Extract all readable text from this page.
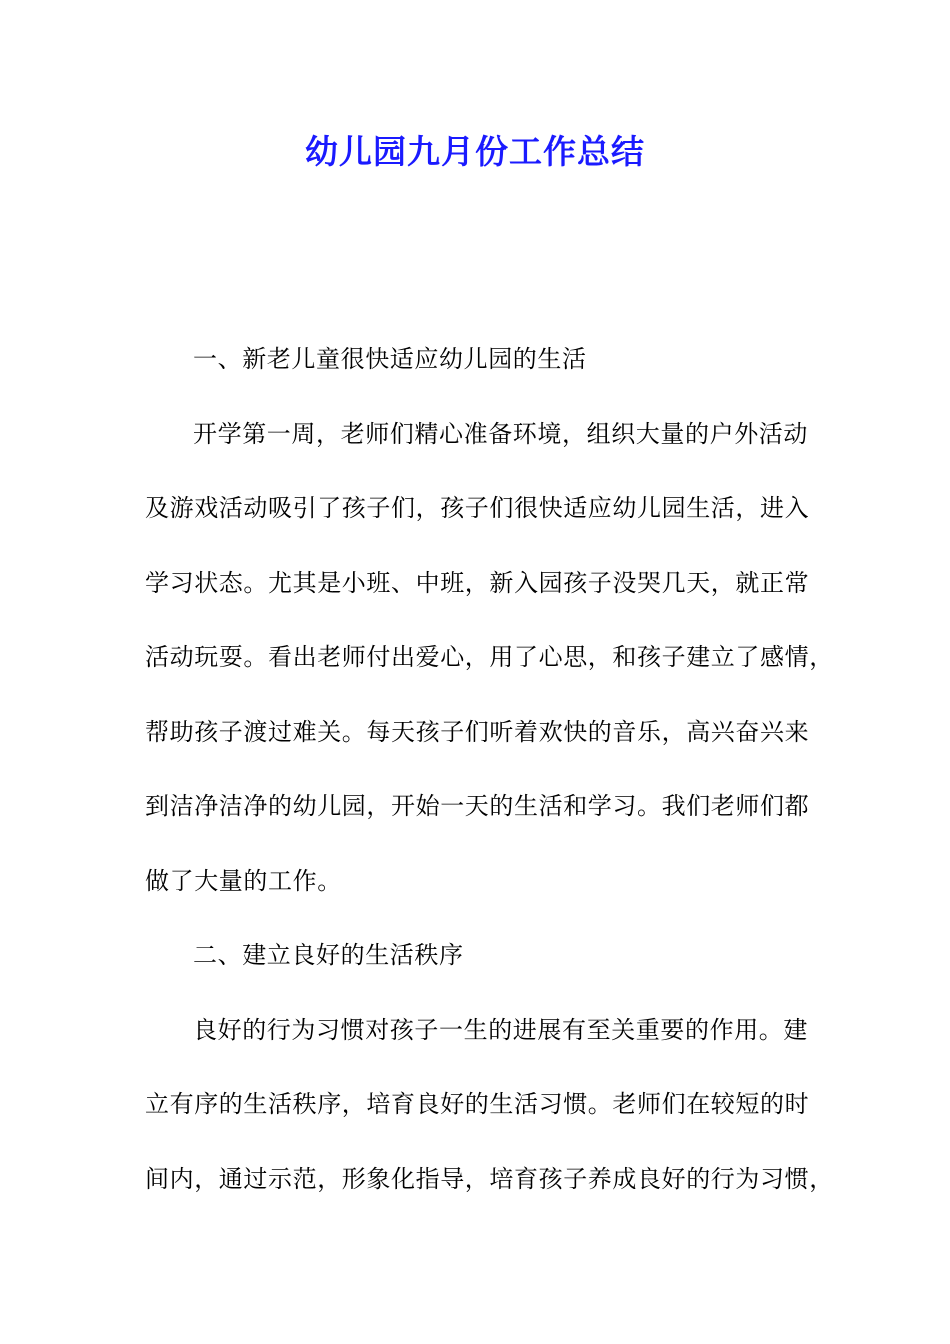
幼儿园九月份工作总结
一、新老儿童很快适应幼儿园的生活
开学第一周，老师们精心准备环境，组织大量的户外活动
及游戏活动吸引了孩子们，孩子们很快适应幼儿园生活，进入
学习状态。尤其是小班、中班，新入园孩子没哭几天，就正常
活动玩耍。看出老师付出爱心，用了心思，和孩子建立了感情，
帮助孩子渡过难关。每天孩子们听着欢快的音乐，高兴奋兴来
到洁净洁净的幼儿园，开始一天的生活和学习。我们老师们都
做了大量的工作。
二、建立良好的生活秩序
良好的行为习惯对孩子一生的进展有至关重要的作用。建
立有序的生活秩序，培育良好的生活习惯。老师们在较短的时
间内，通过示范，形象化指导，培育孩子养成良好的行为习惯，
